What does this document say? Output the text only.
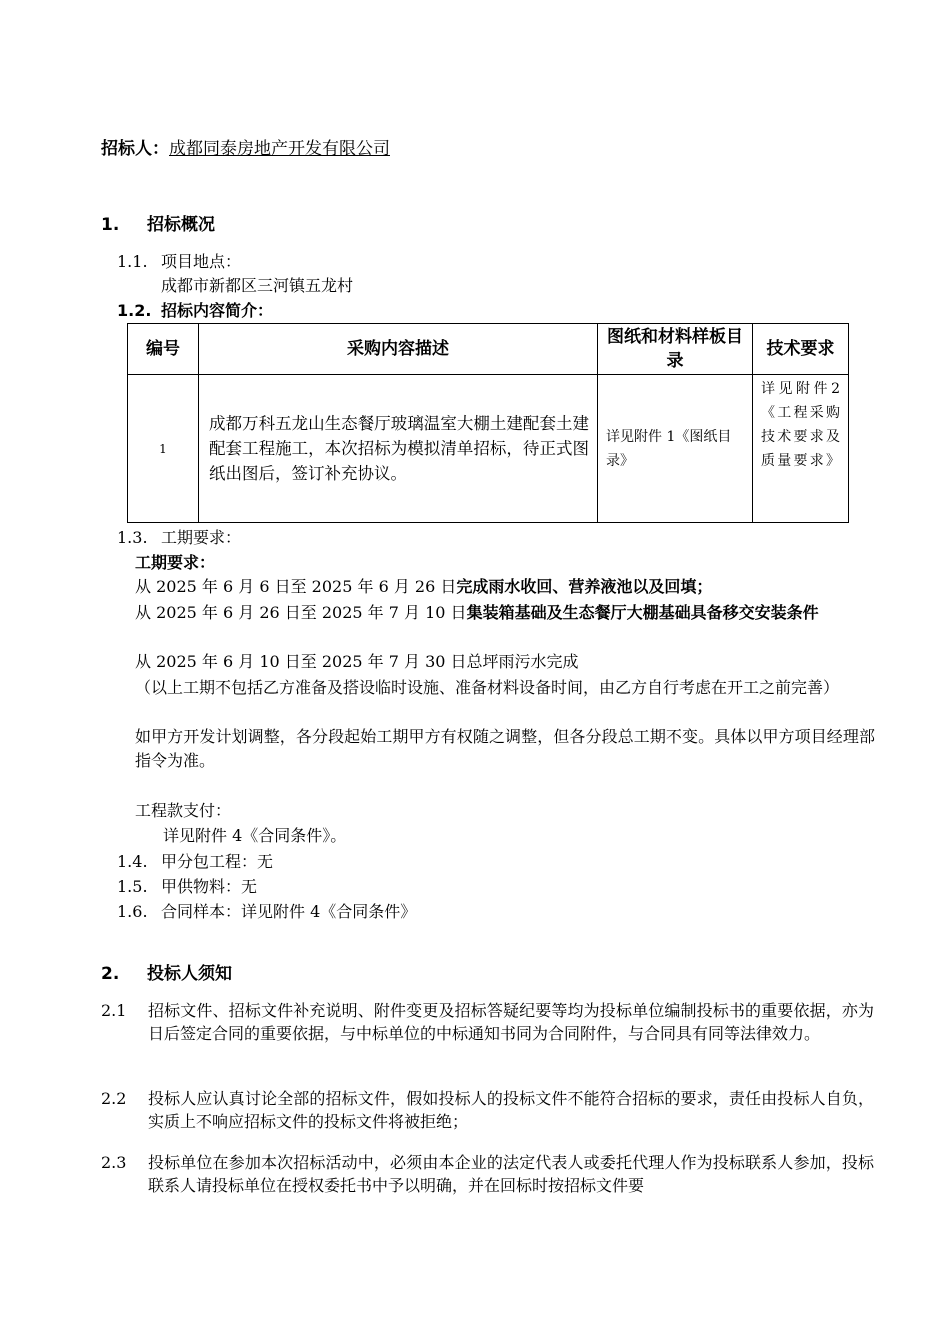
招标人：成都同泰房地产开发有限公司
1. 招标概况
1.1. 项目地点：
成都市新都区三河镇五龙村
1.2. 招标内容简介：
编号	采购内容描述	图纸和材料样板目录	技术要求
1	成都万科五龙山生态餐厅玻璃温室大棚土建配套土建配套工程施工，本次招标为模拟清单招标，待正式图纸出图后，签订补充协议。	详见附件 1《图纸目录》	详见附件2《工程采购技术要求及质量要求》
1.3. 工期要求：
工期要求：
从 2025 年 6 月 6 日至 2025 年 6 月 26 日完成雨水收回、营养液池以及回填；
从 2025 年 6 月 26 日至 2025 年 7 月 10 日集装箱基础及生态餐厅大棚基础具备移交安装条件
从 2025 年 6 月 10 日至 2025 年 7 月 30 日总坪雨污水完成
（以上工期不包括乙方准备及搭设临时设施、准备材料设备时间，由乙方自行考虑在开工之前完善）
如甲方开发计划调整，各分段起始工期甲方有权随之调整，但各分段总工期不变。具体以甲方项目经理部指令为准。
工程款支付：
详见附件 4《合同条件》。
1.4. 甲分包工程：无
1.5. 甲供物料：无
1.6. 合同样本：详见附件 4《合同条件》
2. 投标人须知
2.1 招标文件、招标文件补充说明、附件变更及招标答疑纪要等均为投标单位编制投标书的重要依据，亦为日后签定合同的重要依据，与中标单位的中标通知书同为合同附件，与合同具有同等法律效力。
2.2 投标人应认真讨论全部的招标文件，假如投标人的投标文件不能符合招标的要求，责任由投标人自负，实质上不响应招标文件的投标文件将被拒绝；
2.3 投标单位在参加本次招标活动中，必须由本企业的法定代表人或委托代理人作为投标联系人参加，投标联系人请投标单位在授权委托书中予以明确，并在回标时按招标文件要
